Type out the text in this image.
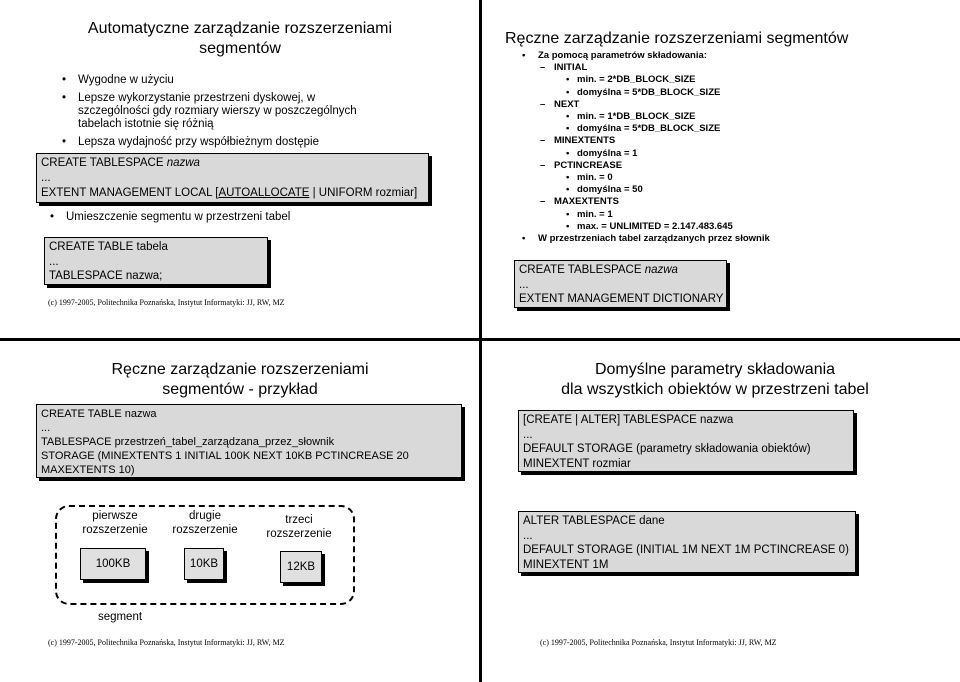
Automatyczne zarządzanie rozszerzeniami
segmentów
• Wygodne w użyciu
• Lepsze wykorzystanie przestrzeni dyskowej, w
szczególności gdy rozmiary wierszy w poszczególnych
tabelach istotnie się różnią
• Lepsza wydajność przy współbieżnym dostępie
CREATE TABLESPACE nazwa
...
EXTENT MANAGEMENT LOCAL [AUTOALLOCATE | UNIFORM rozmiar]
• Umieszczenie segmentu w przestrzeni tabel
CREATE TABLE tabela
...
TABLESPACE nazwa;
(c) 1997-2005, Politechnika Poznańska, Instytut Informatyki: JJ, RW, MZ
Ręczne zarządzanie rozszerzeniami segmentów
• Za pomocą parametrów składowania:
– INITIAL
• min. = 2*DB_BLOCK_SIZE
• domyślna = 5*DB_BLOCK_SIZE
– NEXT
• min. = 1*DB_BLOCK_SIZE
• domyślna = 5*DB_BLOCK_SIZE
– MINEXTENTS
• domyślna = 1
– PCTINCREASE
• min. = 0
• domyślna = 50
– MAXEXTENTS
• min. = 1
• max. = UNLIMITED = 2.147.483.645
• W przestrzeniach tabel zarządzanych przez słownik
CREATE TABLESPACE nazwa
...
EXTENT MANAGEMENT DICTIONARY
Ręczne zarządzanie rozszerzeniami
segmentów - przykład
CREATE TABLE nazwa
...
TABLESPACE przestrzeń_tabel_zarządzana_przez_słownik
STORAGE (MINEXTENTS 1 INITIAL 100K NEXT 10KB PCTINCREASE 20
MAXEXTENTS 10)
pierwsze
rozszerzenie
drugie
rozszerzenie
trzeci
rozszerzenie
100KB	10KB	12KB
segment
(c) 1997-2005, Politechnika Poznańska, Instytut Informatyki: JJ, RW, MZ
Domyślne parametry składowania
dla wszystkich obiektów w przestrzeni tabel
[CREATE | ALTER] TABLESPACE nazwa
...
DEFAULT STORAGE (parametry składowania obiektów)
MINEXTENT rozmiar
ALTER TABLESPACE dane
...
DEFAULT STORAGE (INITIAL 1M NEXT 1M PCTINCREASE 0)
MINEXTENT 1M
(c) 1997-2005, Politechnika Poznańska, Instytut Informatyki: JJ, RW, MZ
